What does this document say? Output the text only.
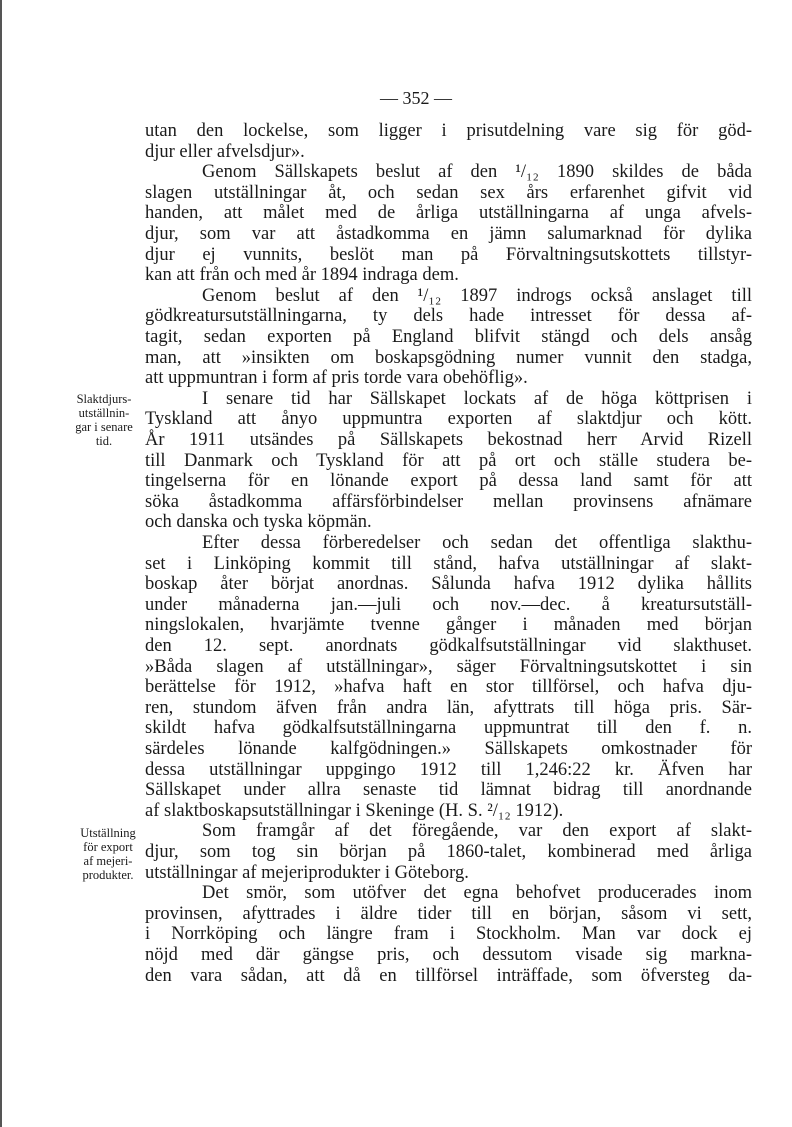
— 352 —
utan den lockelse, som ligger i prisutdelning vare sig för göd-
djur eller afvelsdjur».
Genom Sällskapets beslut af den ¹/₁₂ 1890 skildes de båda
slagen utställningar åt, och sedan sex års erfarenhet gifvit vid
handen, att målet med de årliga utställningarna af unga afvels-
djur, som var att åstadkomma en jämn salumarknad för dylika
djur ej vunnits, beslöt man på Förvaltningsutskottets tillstyr-
kan att från och med år 1894 indraga dem.
Genom beslut af den ¹/₁₂ 1897 indrogs också anslaget till
gödkreatursutställningarna, ty dels hade intresset för dessa af-
tagit, sedan exporten på England blifvit stängd och dels ansåg
man, att »insikten om boskapsgödning numer vunnit den stadga,
att uppmuntran i form af pris torde vara obehöflig».
I senare tid har Sällskapet lockats af de höga köttprisen i
Tyskland att ånyo uppmuntra exporten af slaktdjur och kött.
År 1911 utsändes på Sällskapets bekostnad herr Arvid Rizell
till Danmark och Tyskland för att på ort och ställe studera be-
tingelserna för en lönande export på dessa land samt för att
söka åstadkomma affärsförbindelser mellan provinsens afnämare
och danska och tyska köpmän.
Efter dessa förberedelser och sedan det offentliga slakthu-
set i Linköping kommit till stånd, hafva utställningar af slakt-
boskap åter börjat anordnas. Sålunda hafva 1912 dylika hållits
under månaderna jan.—juli och nov.—dec. å kreatursutställ-
ningslokalen, hvarjämte tvenne gånger i månaden med början
den 12. sept. anordnats gödkalfsutställningar vid slakthuset.
»Båda slagen af utställningar», säger Förvaltningsutskottet i sin
berättelse för 1912, »hafva haft en stor tillförsel, och hafva dju-
ren, stundom äfven från andra län, afyttrats till höga pris. Sär-
skildt hafva gödkalfsutställningarna uppmuntrat till den f. n.
särdeles lönande kalfgödningen.» Sällskapets omkostnader för
dessa utställningar uppgingo 1912 till 1,246:22 kr. Äfven har
Sällskapet under allra senaste tid lämnat bidrag till anordnande
af slaktboskapsutställningar i Skeninge (H. S. ²/₁₂ 1912).
Som framgår af det föregående, var den export af slakt-
djur, som tog sin början på 1860-talet, kombinerad med årliga
utställningar af mejeriprodukter i Göteborg.
Det smör, som utöfver det egna behofvet producerades inom
provinsen, afyttrades i äldre tider till en början, såsom vi sett,
i Norrköping och längre fram i Stockholm. Man var dock ej
nöjd med där gängse pris, och dessutom visade sig markna-
den vara sådan, att då en tillförsel inträffade, som öfversteg da-
Slaktdjurs-
utställnin-
gar i senare
tid.
Utställning
för export
af mejeri-
produkter.
